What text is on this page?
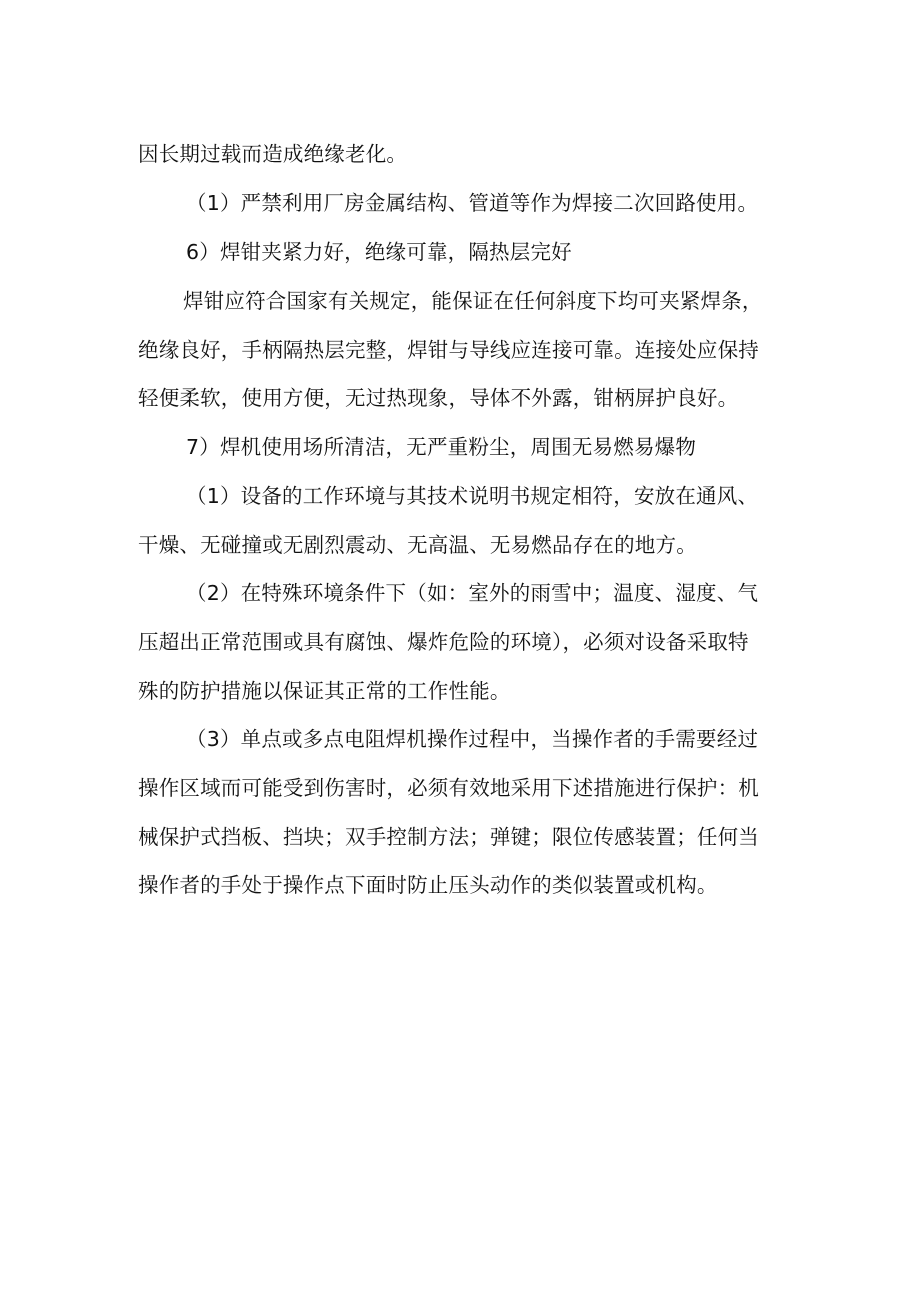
因长期过载而造成绝缘老化。
（1）严禁利用厂房金属结构、管道等作为焊接二次回路使用。
6）焊钳夹紧力好，绝缘可靠，隔热层完好
焊钳应符合国家有关规定，能保证在任何斜度下均可夹紧焊条，
绝缘良好，手柄隔热层完整，焊钳与导线应连接可靠。连接处应保持
轻便柔软，使用方便，无过热现象，导体不外露，钳柄屏护良好。
7）焊机使用场所清洁，无严重粉尘，周围无易燃易爆物
（1）设备的工作环境与其技术说明书规定相符，安放在通风、
干燥、无碰撞或无剧烈震动、无高温、无易燃品存在的地方。
（2）在特殊环境条件下（如：室外的雨雪中；温度、湿度、气
压超出正常范围或具有腐蚀、爆炸危险的环境），必须对设备采取特
殊的防护措施以保证其正常的工作性能。
（3）单点或多点电阻焊机操作过程中，当操作者的手需要经过
操作区域而可能受到伤害时，必须有效地采用下述措施进行保护：机
械保护式挡板、挡块；双手控制方法；弹键；限位传感装置；任何当
操作者的手处于操作点下面时防止压头动作的类似装置或机构。
